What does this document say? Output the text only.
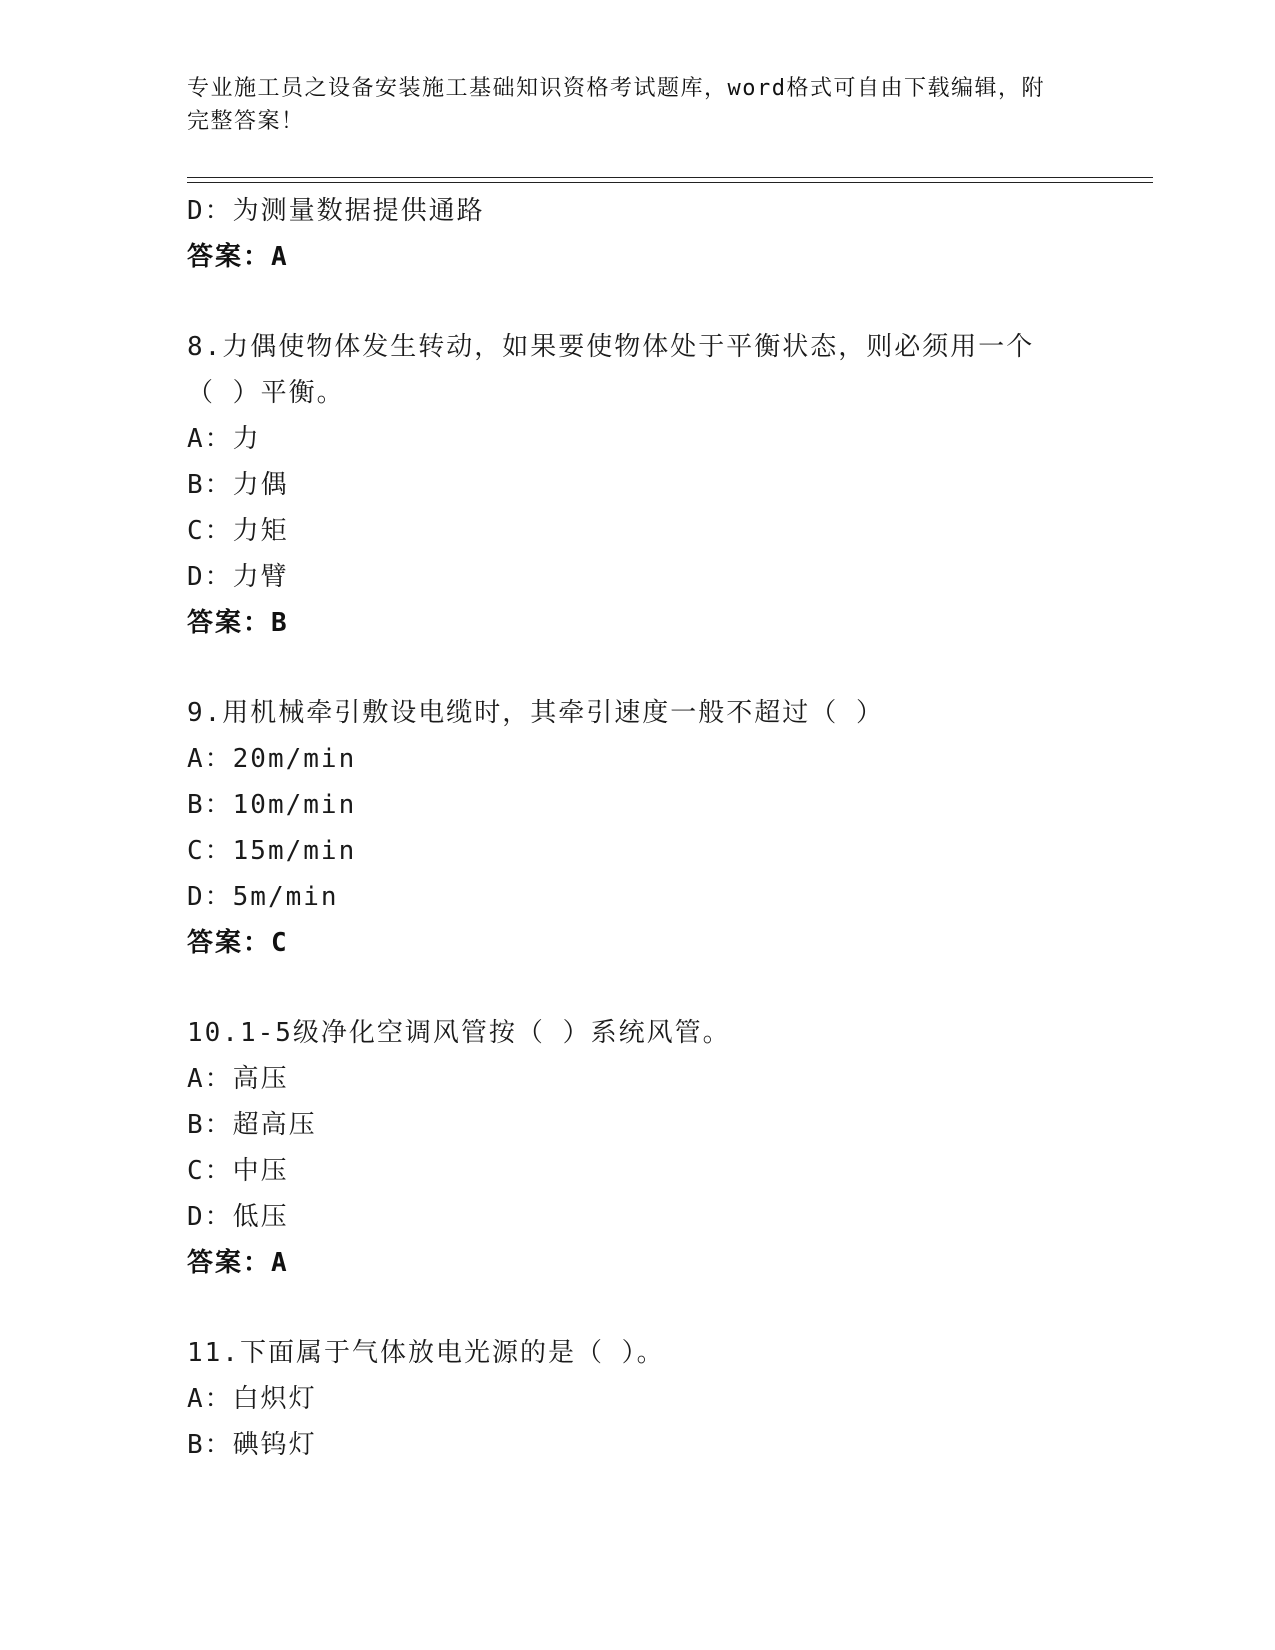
专业施工员之设备安装施工基础知识资格考试题库，word格式可自由下载编辑，附完整答案！
D：为测量数据提供通路
答案：A
8.力偶使物体发生转动，如果要使物体处于平衡状态，则必须用一个（ ）平衡。
A：力
B：力偶
C：力矩
D：力臂
答案：B
9.用机械牵引敷设电缆时，其牵引速度一般不超过（ ）
A：20m/min
B：10m/min
C：15m/min
D：5m/min
答案：C
10.1-5级净化空调风管按（ ）系统风管。
A：高压
B：超高压
C：中压
D：低压
答案：A
11.下面属于气体放电光源的是（ ）。
A：白炽灯
B：碘钨灯
